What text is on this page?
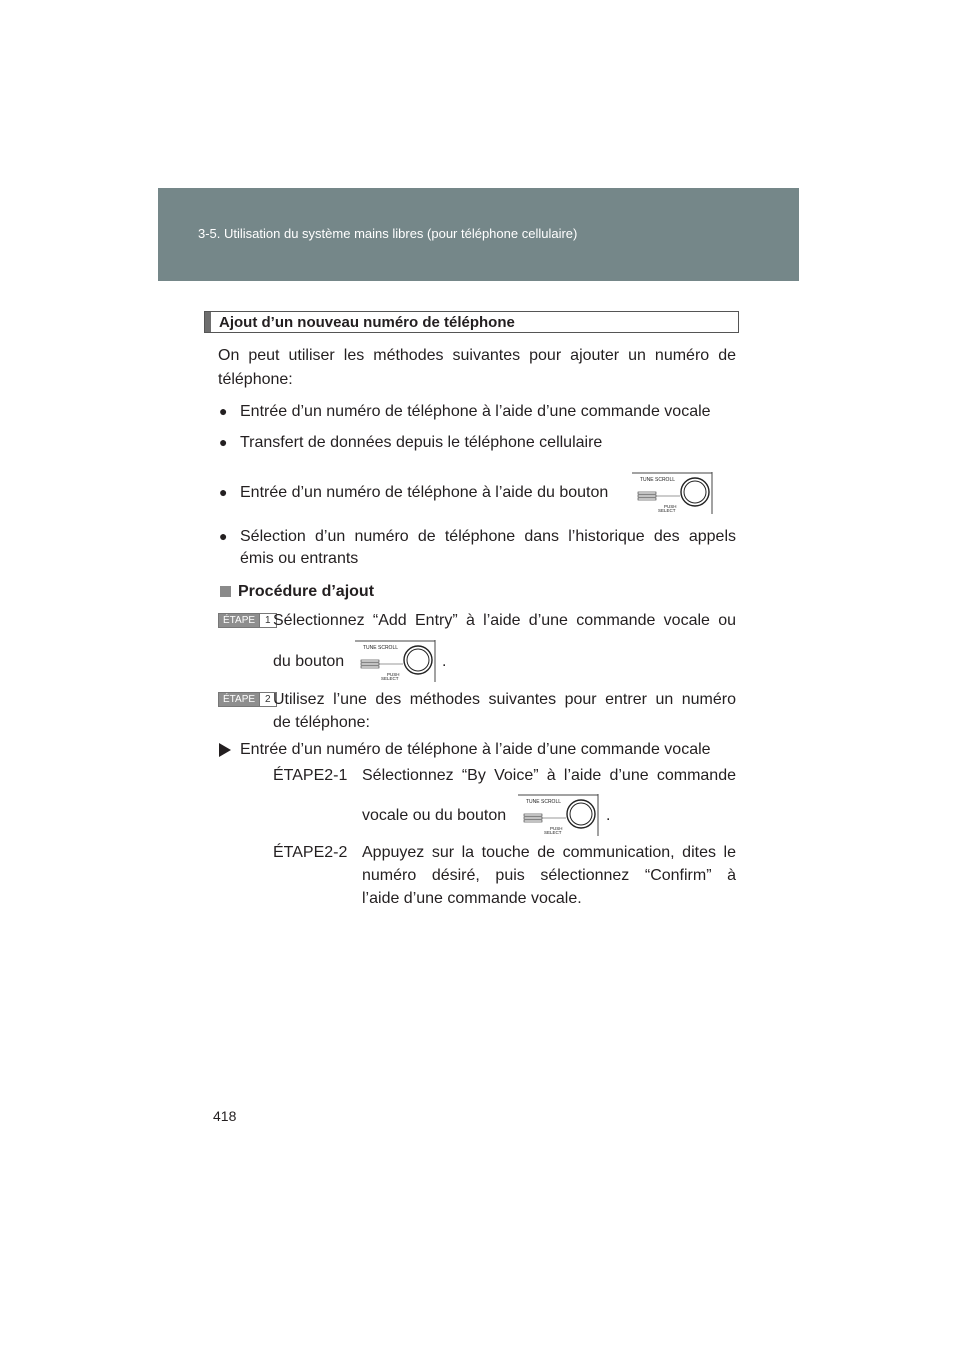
3-5. Utilisation du système mains libres (pour téléphone cellulaire)
Ajout d’un nouveau numéro de téléphone
On peut utiliser les méthodes suivantes pour ajouter un numéro de
téléphone:
● Entrée d’un numéro de téléphone à l’aide d’une commande vocale
● Transfert de données depuis le téléphone cellulaire
● Entrée d’un numéro de téléphone à l’aide du bouton
TUNE SCROLL
PUSH
SELECT
● Sélection d’un numéro de téléphone dans l’historique des appels
émis ou entrants
Procédure d’ajout
ÉTAPE	1 Sélectionnez “Add Entry” à l’aide d’une commande vocale ou
du bouton
TUNE SCROLL
PUSH
SELECT
.
ÉTAPE	2 Utilisez l’une des méthodes suivantes pour entrer un numéro
de téléphone:
Entrée d’un numéro de téléphone à l’aide d’une commande vocale
ÉTAPE2-1 Sélectionnez “By Voice” à l’aide d’une commande
vocale ou du bouton
TUNE SCROLL
PUSH
SELECT
.
ÉTAPE2-2 Appuyez sur la touche de communication, dites le
numéro désiré, puis sélectionnez “Confirm” à
l’aide d’une commande vocale.
418
